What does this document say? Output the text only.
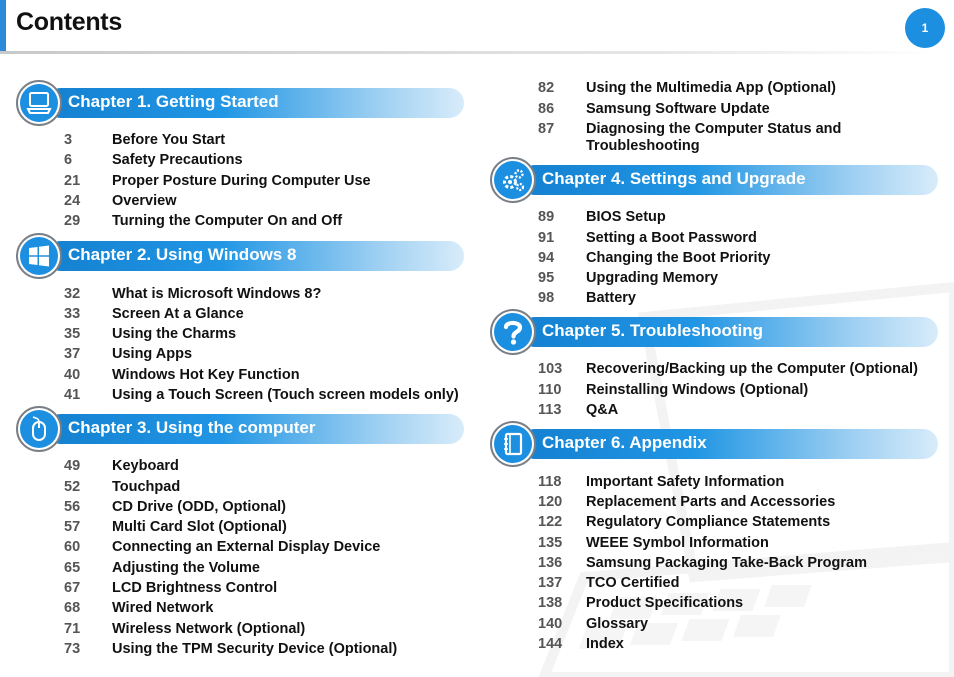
Contents	1
Chapter 1. Getting Started
3	Before You Start
6	Safety Precautions
21 Proper Posture During Computer Use
24 Overview
29 Turning the Computer On and Off
Chapter 2. Using Windows 8
32 What is Microsoft Windows 8?
33 Screen At a Glance
35 Using the Charms
37 Using Apps
40 Windows Hot Key Function
41 Using a Touch Screen (Touch screen models only)
Chapter 3. Using the computer
49 Keyboard
52 Touchpad
56 CD Drive (ODD, Optional)
57 Multi Card Slot (Optional)
60 Connecting an External Display Device
65 Adjusting the Volume
67 LCD Brightness Control
68 Wired Network
71 Wireless Network (Optional)
73 Using the TPM Security Device (Optional)
82 Using the Multimedia App (Optional)
86 Samsung Software Update
87 Diagnosing the Computer Status and
Troubleshooting
Chapter 4. Settings and Upgrade
89 BIOS Setup
91 Setting a Boot Password
94 Changing the Boot Priority
95 Upgrading Memory
98 Battery
Chapter 5. Troubleshooting
103 Recovering/Backing up the Computer (Optional)
110 Reinstalling Windows (Optional)
113 Q&A
Chapter 6. Appendix
118 Important Safety Information
120 Replacement Parts and Accessories
122 Regulatory Compliance Statements
135 WEEE Symbol Information
136 Samsung Packaging Take-Back Program
137 TCO Certified
138 Product Specifications
140 Glossary
144 Index
